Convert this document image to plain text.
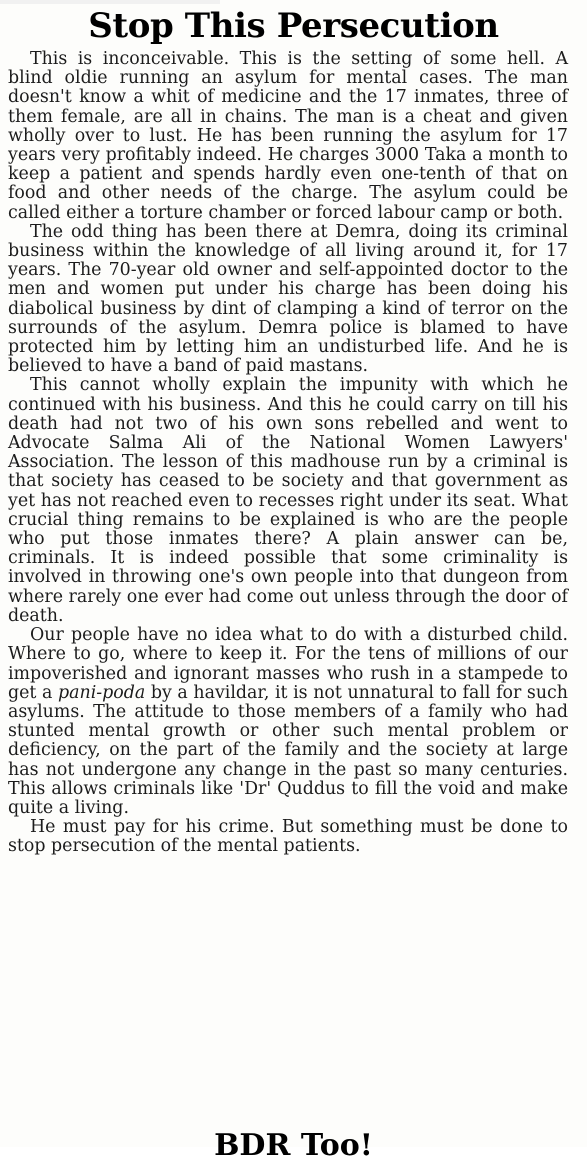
Stop This Persecution

This is inconceivable. This is the setting of some hell. A blind oldie running an asylum for mental cases. The man doesn't know a whit of medicine and the 17 inmates, three of them female, are all in chains. The man is a cheat and given wholly over to lust. He has been running the asylum for 17 years very profitably indeed. He charges 3000 Taka a month to keep a patient and spends hardly even one-tenth of that on food and other needs of the charge. The asylum could be called either a torture chamber or forced labour camp or both.

The odd thing has been there at Demra, doing its criminal business within the knowledge of all living around it, for 17 years. The 70-year old owner and self-appointed doctor to the men and women put under his charge has been doing his diabolical business by dint of clamping a kind of terror on the surrounds of the asylum. Demra police is blamed to have protected him by letting him an undisturbed life. And he is believed to have a band of paid mastans.

This cannot wholly explain the impunity with which he continued with his business. And this he could carry on till his death had not two of his own sons rebelled and went to Advocate Salma Ali of the National Women Lawyers' Association. The lesson of this madhouse run by a criminal is that society has ceased to be society and that government as yet has not reached even to recesses right under its seat. What crucial thing remains to be explained is who are the people who put those inmates there? A plain answer can be, criminals. It is indeed possible that some criminality is involved in throwing one's own people into that dungeon from where rarely one ever had come out unless through the door of death.

Our people have no idea what to do with a disturbed child. Where to go, where to keep it. For the tens of millions of our impoverished and ignorant masses who rush in a stampede to get a pani-poda by a havildar, it is not unnatural to fall for such asylums. The attitude to those members of a family who had stunted mental growth or other such mental problem or deficiency, on the part of the family and the society at large has not undergone any change in the past so many centuries. This allows criminals like 'Dr' Quddus to fill the void and make quite a living.

He must pay for his crime. But something must be done to stop persecution of the mental patients.

BDR Too!
